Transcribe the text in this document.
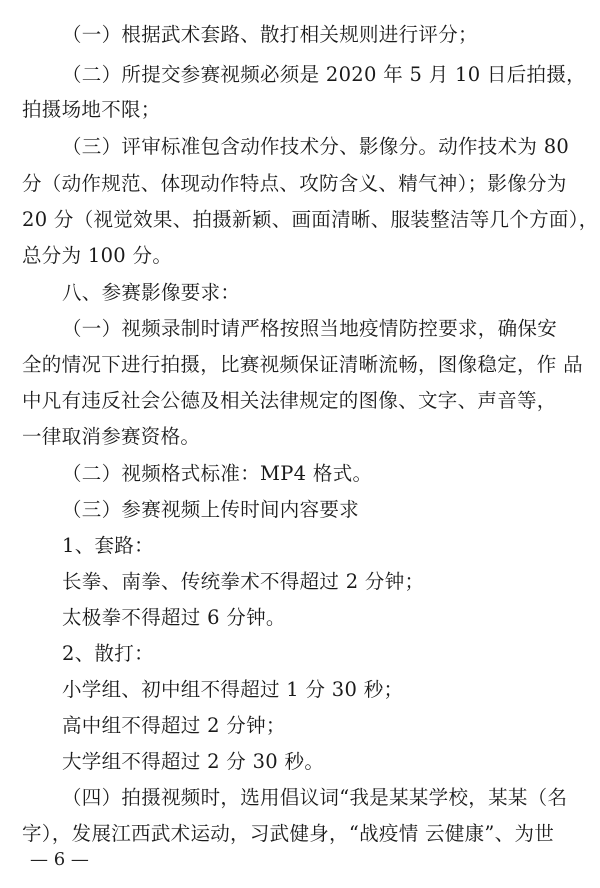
（一）根据武术套路、散打相关规则进行评分；
（二）所提交参赛视频必须是 2020 年 5 月 10 日后拍摄，
拍摄场地不限；
（三）评审标准包含动作技术分、影像分。动作技术为 80
分（动作规范、体现动作特点、攻防含义、精气神）；影像分为
20 分（视觉效果、拍摄新颖、画面清晰、服装整洁等几个方面），
总分为 100 分。
八、参赛影像要求：
（一）视频录制时请严格按照当地疫情防控要求，确保安
全的情况下进行拍摄，比赛视频保证清晰流畅，图像稳定，作 品
中凡有违反社会公德及相关法律规定的图像、文字、声音等，
一律取消参赛资格。
（二）视频格式标准：MP4 格式。
（三）参赛视频上传时间内容要求
1、套路：
长拳、南拳、传统拳术不得超过 2 分钟；
太极拳不得超过 6 分钟。
2、散打：
小学组、初中组不得超过 1 分 30 秒；
高中组不得超过 2 分钟；
大学组不得超过 2 分 30 秒。
（四）拍摄视频时，选用倡议词“我是某某学校，某某（名
字），发展江西武术运动，习武健身，“战疫情 云健康”、为世
— 6 —
